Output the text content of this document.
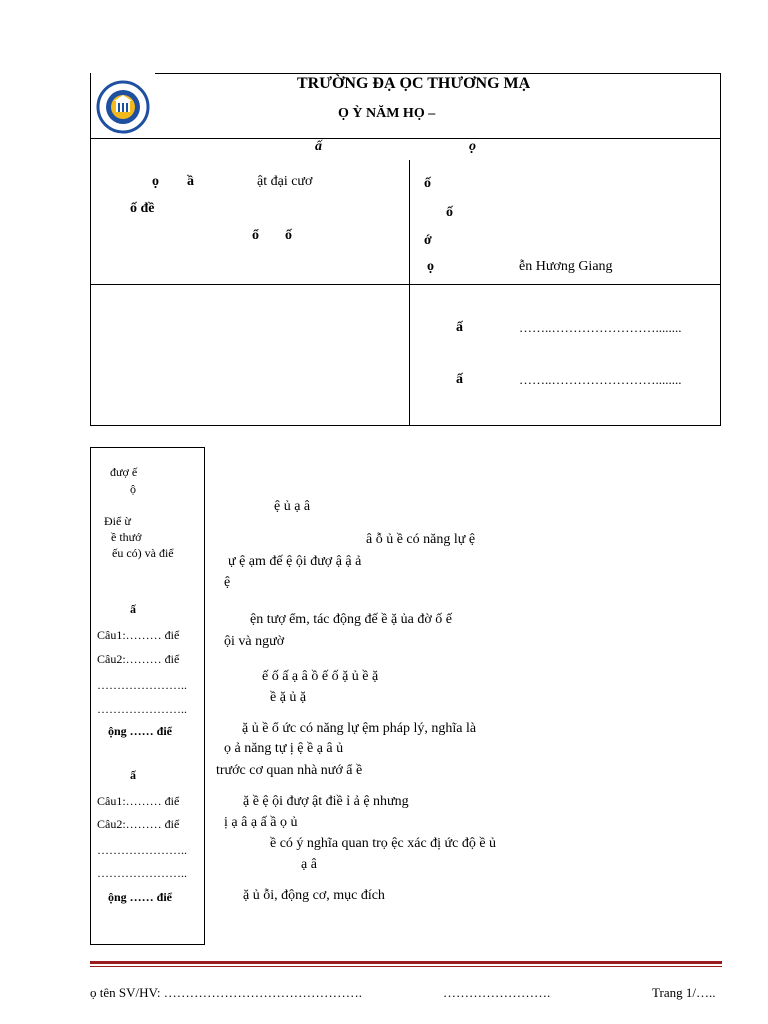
TRƯỜNG ĐẠ ỌC THƯƠNG MẠ
Ọ Ỳ NĂM HỌ –
ấ	ọ
ọ ầ	ật đại cươ
ố đề
ổ ố
ố
ố
ớ
ọ	ễn Hương Giang
ấ	……..……………………........
ấ	……..……………………........
đượ ế
ộ
Điể ừ
ề thướ
ếu có) và điể
ấ
Câu1:……… điể
Câu2:……… điể
…………………..
…………………..
ộng …… điể
ấ
Câu1:……… điể
Câu2:……… điể
…………………..
…………………..
ộng …… điể
ệ ủ ạ â
â ỗ ủ ề có năng lự ệ
ự ệ ạm đế ệ ội đượ ậ ậ ả
ệ
ện tượ ểm, tác động đế ề ặ ủa đờ ố ế
ội và ngườ
ế ố ấ ạ â ồ ế ố ặ ủ ề ặ
ề ặ ủ ặ
ặ ủ ề ổ ức có năng lự ệm pháp lý, nghĩa là
ọ ả năng tự ị ệ ề ạ â ủ
trước cơ quan nhà nướ ẩ ề
ặ ề ệ ội đượ ật điề ỉ ả ệ nhưng
ị ạ â ạ ấ ầ ọ ủ
ề có ý nghĩa quan trọ ệc xác đị ức độ ề ủ
ạ â
ặ ủ ỗi, động cơ, mục đích
ọ tên SV/HV: ……………………………………….	…………………….	Trang 1/…..
